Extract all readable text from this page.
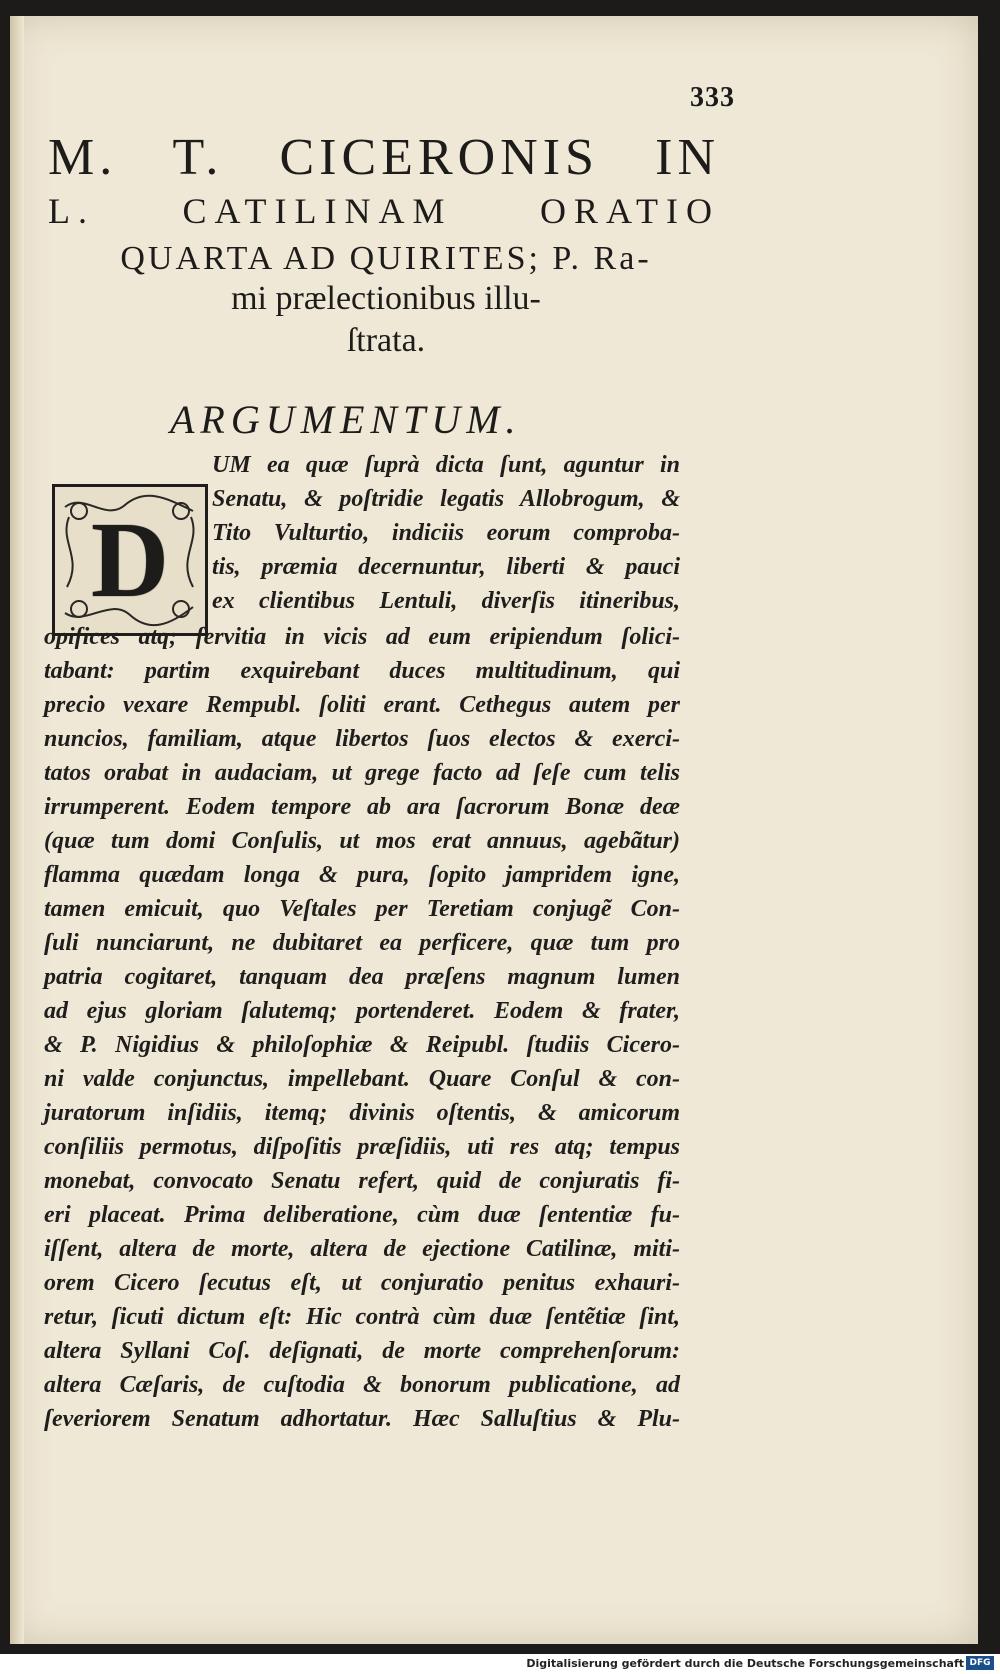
333
M. T. CICERONIS IN
L. CATILINAM ORATIO
QUARTA AD QUIRITES; P. Ra-
mi prælectionibus illu-
ſtrata.
ARGUMENTUM.
D
UM ea quæ ſuprà dicta ſunt, aguntur in
Senatu, & poſtridie legatis Allobrogum, &
Tito Vulturtio, indiciis eorum comproba-
tis, præmia decernuntur, liberti & pauci
ex clientibus Lentuli, diverſis itineribus,
opifices atq; ſervitia in vicis ad eum eripiendum ſolici-
tabant: partim exquirebant duces multitudinum, qui
precio vexare Rempubl. ſoliti erant. Cethegus autem per
nuncios, familiam, atque libertos ſuos electos & exerci-
tatos orabat in audaciam, ut grege facto ad ſeſe cum telis
irrumperent. Eodem tempore ab ara ſacrorum Bonæ deæ
(quæ tum domi Conſulis, ut mos erat annuus, agebãtur)
flamma quædam longa & pura, ſopito jampridem igne,
tamen emicuit, quo Veſtales per Teretiam conjugẽ Con-
ſuli nunciarunt, ne dubitaret ea perficere, quæ tum pro
patria cogitaret, tanquam dea præſens magnum lumen
ad ejus gloriam ſalutemq; portenderet. Eodem & frater,
& P. Nigidius & philoſophiæ & Reipubl. ſtudiis Cicero-
ni valde conjunctus, impellebant. Quare Conſul & con-
juratorum inſidiis, itemq; divinis oſtentis, & amicorum
conſiliis permotus, diſpoſitis præſidiis, uti res atq; tempus
monebat, convocato Senatu refert, quid de conjuratis fi-
eri placeat. Prima deliberatione, cùm duæ ſententiæ fu-
iſſent, altera de morte, altera de ejectione Catilinæ, miti-
orem Cicero ſecutus eſt, ut conjuratio penitus exhauri-
retur, ſicuti dictum eſt: Hic contrà cùm duæ ſentẽtiæ ſint,
altera Syllani Coſ. deſignati, de morte comprehenſorum:
altera Cæſaris, de cuſtodia & bonorum publicatione, ad
ſeveriorem Senatum adhortatur. Hæc Salluſtius & Plu-
Digitalisierung gefördert durch die Deutsche Forschungsgemeinschaft DFG
